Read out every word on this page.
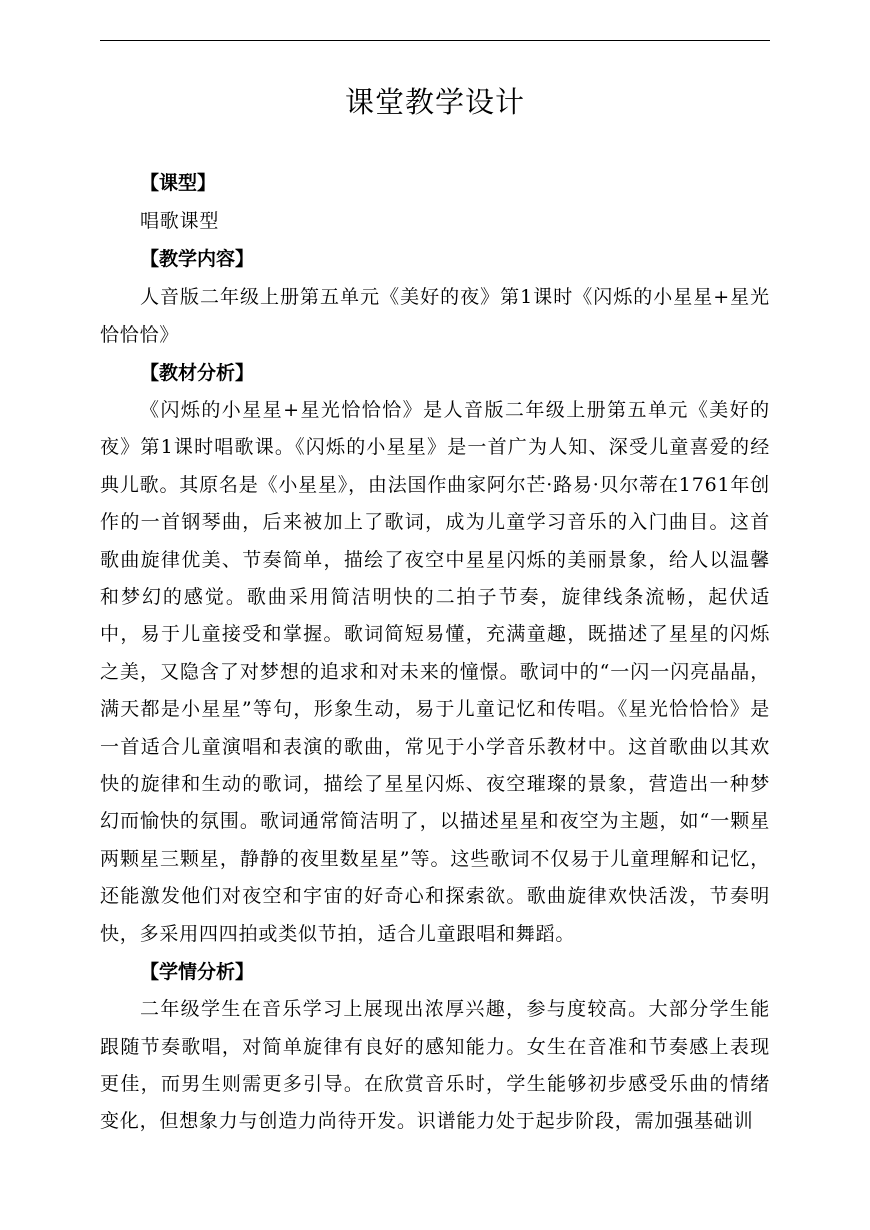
课堂教学设计
【课型】

唱歌课型

【教学内容】

人音版二年级上册第五单元《美好的夜》第1课时《闪烁的小星星+星光恰恰恰》

【教材分析】

《闪烁的小星星+星光恰恰恰》是人音版二年级上册第五单元《美好的夜》第1课时唱歌课。《闪烁的小星星》是一首广为人知、深受儿童喜爱的经典儿歌。其原名是《小星星》，由法国作曲家阿尔芒·路易·贝尔蒂在1761年创作的一首钢琴曲，后来被加上了歌词，成为儿童学习音乐的入门曲目。这首歌曲旋律优美、节奏简单，描绘了夜空中星星闪烁的美丽景象，给人以温馨和梦幻的感觉。歌曲采用简洁明快的二拍子节奏，旋律线条流畅，起伏适中，易于儿童接受和掌握。歌词简短易懂，充满童趣，既描述了星星的闪烁之美，又隐含了对梦想的追求和对未来的憧憬。歌词中的“一闪一闪亮晶晶，满天都是小星星”等句，形象生动，易于儿童记忆和传唱。《星光恰恰恰》是一首适合儿童演唱和表演的歌曲，常见于小学音乐教材中。这首歌曲以其欢快的旋律和生动的歌词，描绘了星星闪烁、夜空璀璨的景象，营造出一种梦幻而愉快的氛围。歌词通常简洁明了，以描述星星和夜空为主题，如“一颗星两颗星三颗星，静静的夜里数星星”等。这些歌词不仅易于儿童理解和记忆，还能激发他们对夜空和宇宙的好奇心和探索欲。歌曲旋律欢快活泼，节奏明快，多采用四四拍或类似节拍，适合儿童跟唱和舞蹈。

【学情分析】

二年级学生在音乐学习上展现出浓厚兴趣，参与度较高。大部分学生能跟随节奏歌唱，对简单旋律有良好的感知能力。女生在音准和节奏感上表现更佳，而男生则需更多引导。在欣赏音乐时，学生能够初步感受乐曲的情绪变化，但想象力与创造力尚待开发。识谱能力处于起步阶段，需加强基础训
